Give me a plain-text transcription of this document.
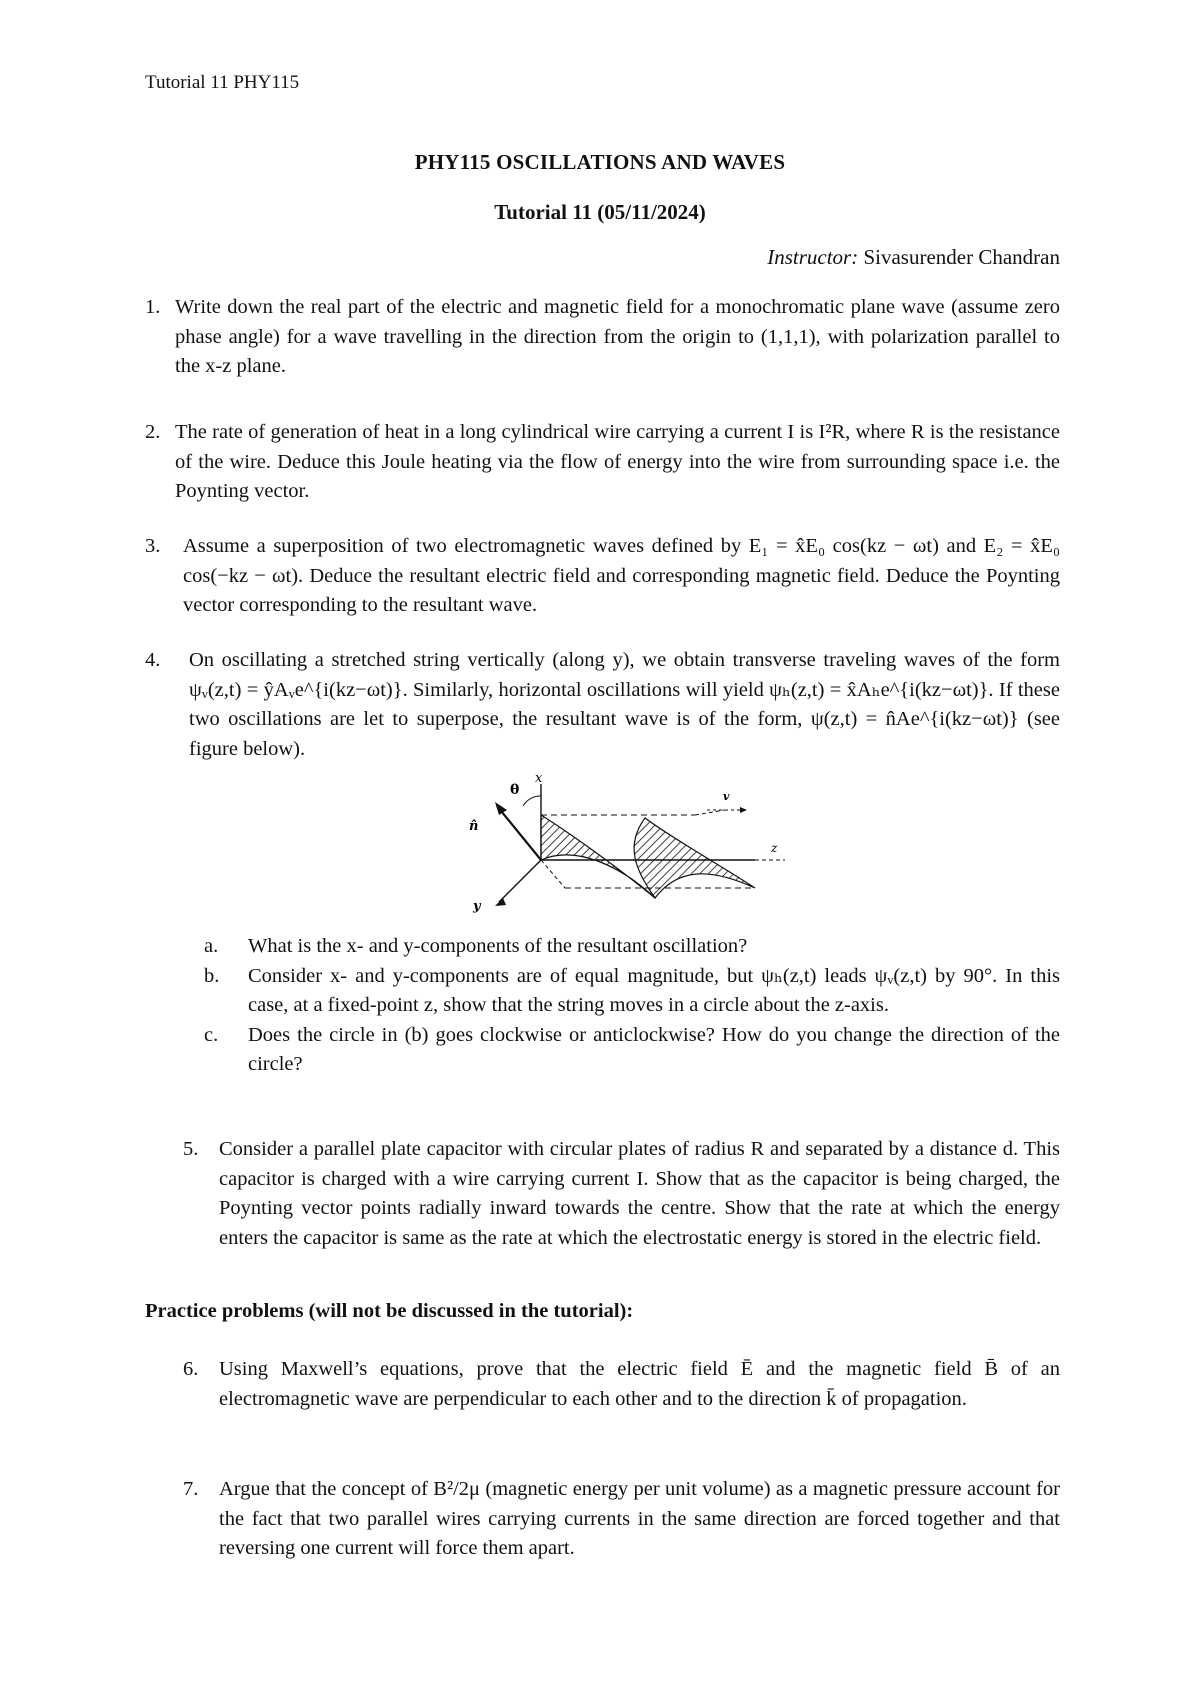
Tutorial 11 PHY115
PHY115 OSCILLATIONS AND WAVES
Tutorial 11 (05/11/2024)
Instructor: Sivasurender Chandran
1. Write down the real part of the electric and magnetic field for a monochromatic plane wave (assume zero phase angle) for a wave travelling in the direction from the origin to (1,1,1), with polarization parallel to the x-z plane.
2. The rate of generation of heat in a long cylindrical wire carrying a current I is I²R, where R is the resistance of the wire. Deduce this Joule heating via the flow of energy into the wire from surrounding space i.e. the Poynting vector.
3. Assume a superposition of two electromagnetic waves defined by E₁ = x̂E₀ cos(kz − ωt) and E₂ = x̂E₀ cos(−kz − ωt). Deduce the resultant electric field and corresponding magnetic field. Deduce the Poynting vector corresponding to the resultant wave.
4. On oscillating a stretched string vertically (along y), we obtain transverse traveling waves of the form ψᵥ(z,t) = ŷAᵥe^{i(kz−ωt)}. Similarly, horizontal oscillations will yield ψₕ(z,t) = x̂Aₕe^{i(kz−ωt)}. If these two oscillations are let to superpose, the resultant wave is of the form, ψ(z,t) = n̂Ae^{i(kz−ωt)} (see figure below).
x
θ
n̂
y
z
v
a. What is the x- and y-components of the resultant oscillation?
b. Consider x- and y-components are of equal magnitude, but ψₕ(z,t) leads ψᵥ(z,t) by 90°. In this case, at a fixed-point z, show that the string moves in a circle about the z-axis.
c. Does the circle in (b) goes clockwise or anticlockwise? How do you change the direction of the circle?
5. Consider a parallel plate capacitor with circular plates of radius R and separated by a distance d. This capacitor is charged with a wire carrying current I. Show that as the capacitor is being charged, the Poynting vector points radially inward towards the centre. Show that the rate at which the energy enters the capacitor is same as the rate at which the electrostatic energy is stored in the electric field.
Practice problems (will not be discussed in the tutorial):
6. Using Maxwell’s equations, prove that the electric field Ē and the magnetic field B̄ of an electromagnetic wave are perpendicular to each other and to the direction k̄ of propagation.
7. Argue that the concept of B²/2μ (magnetic energy per unit volume) as a magnetic pressure account for the fact that two parallel wires carrying currents in the same direction are forced together and that reversing one current will force them apart.
